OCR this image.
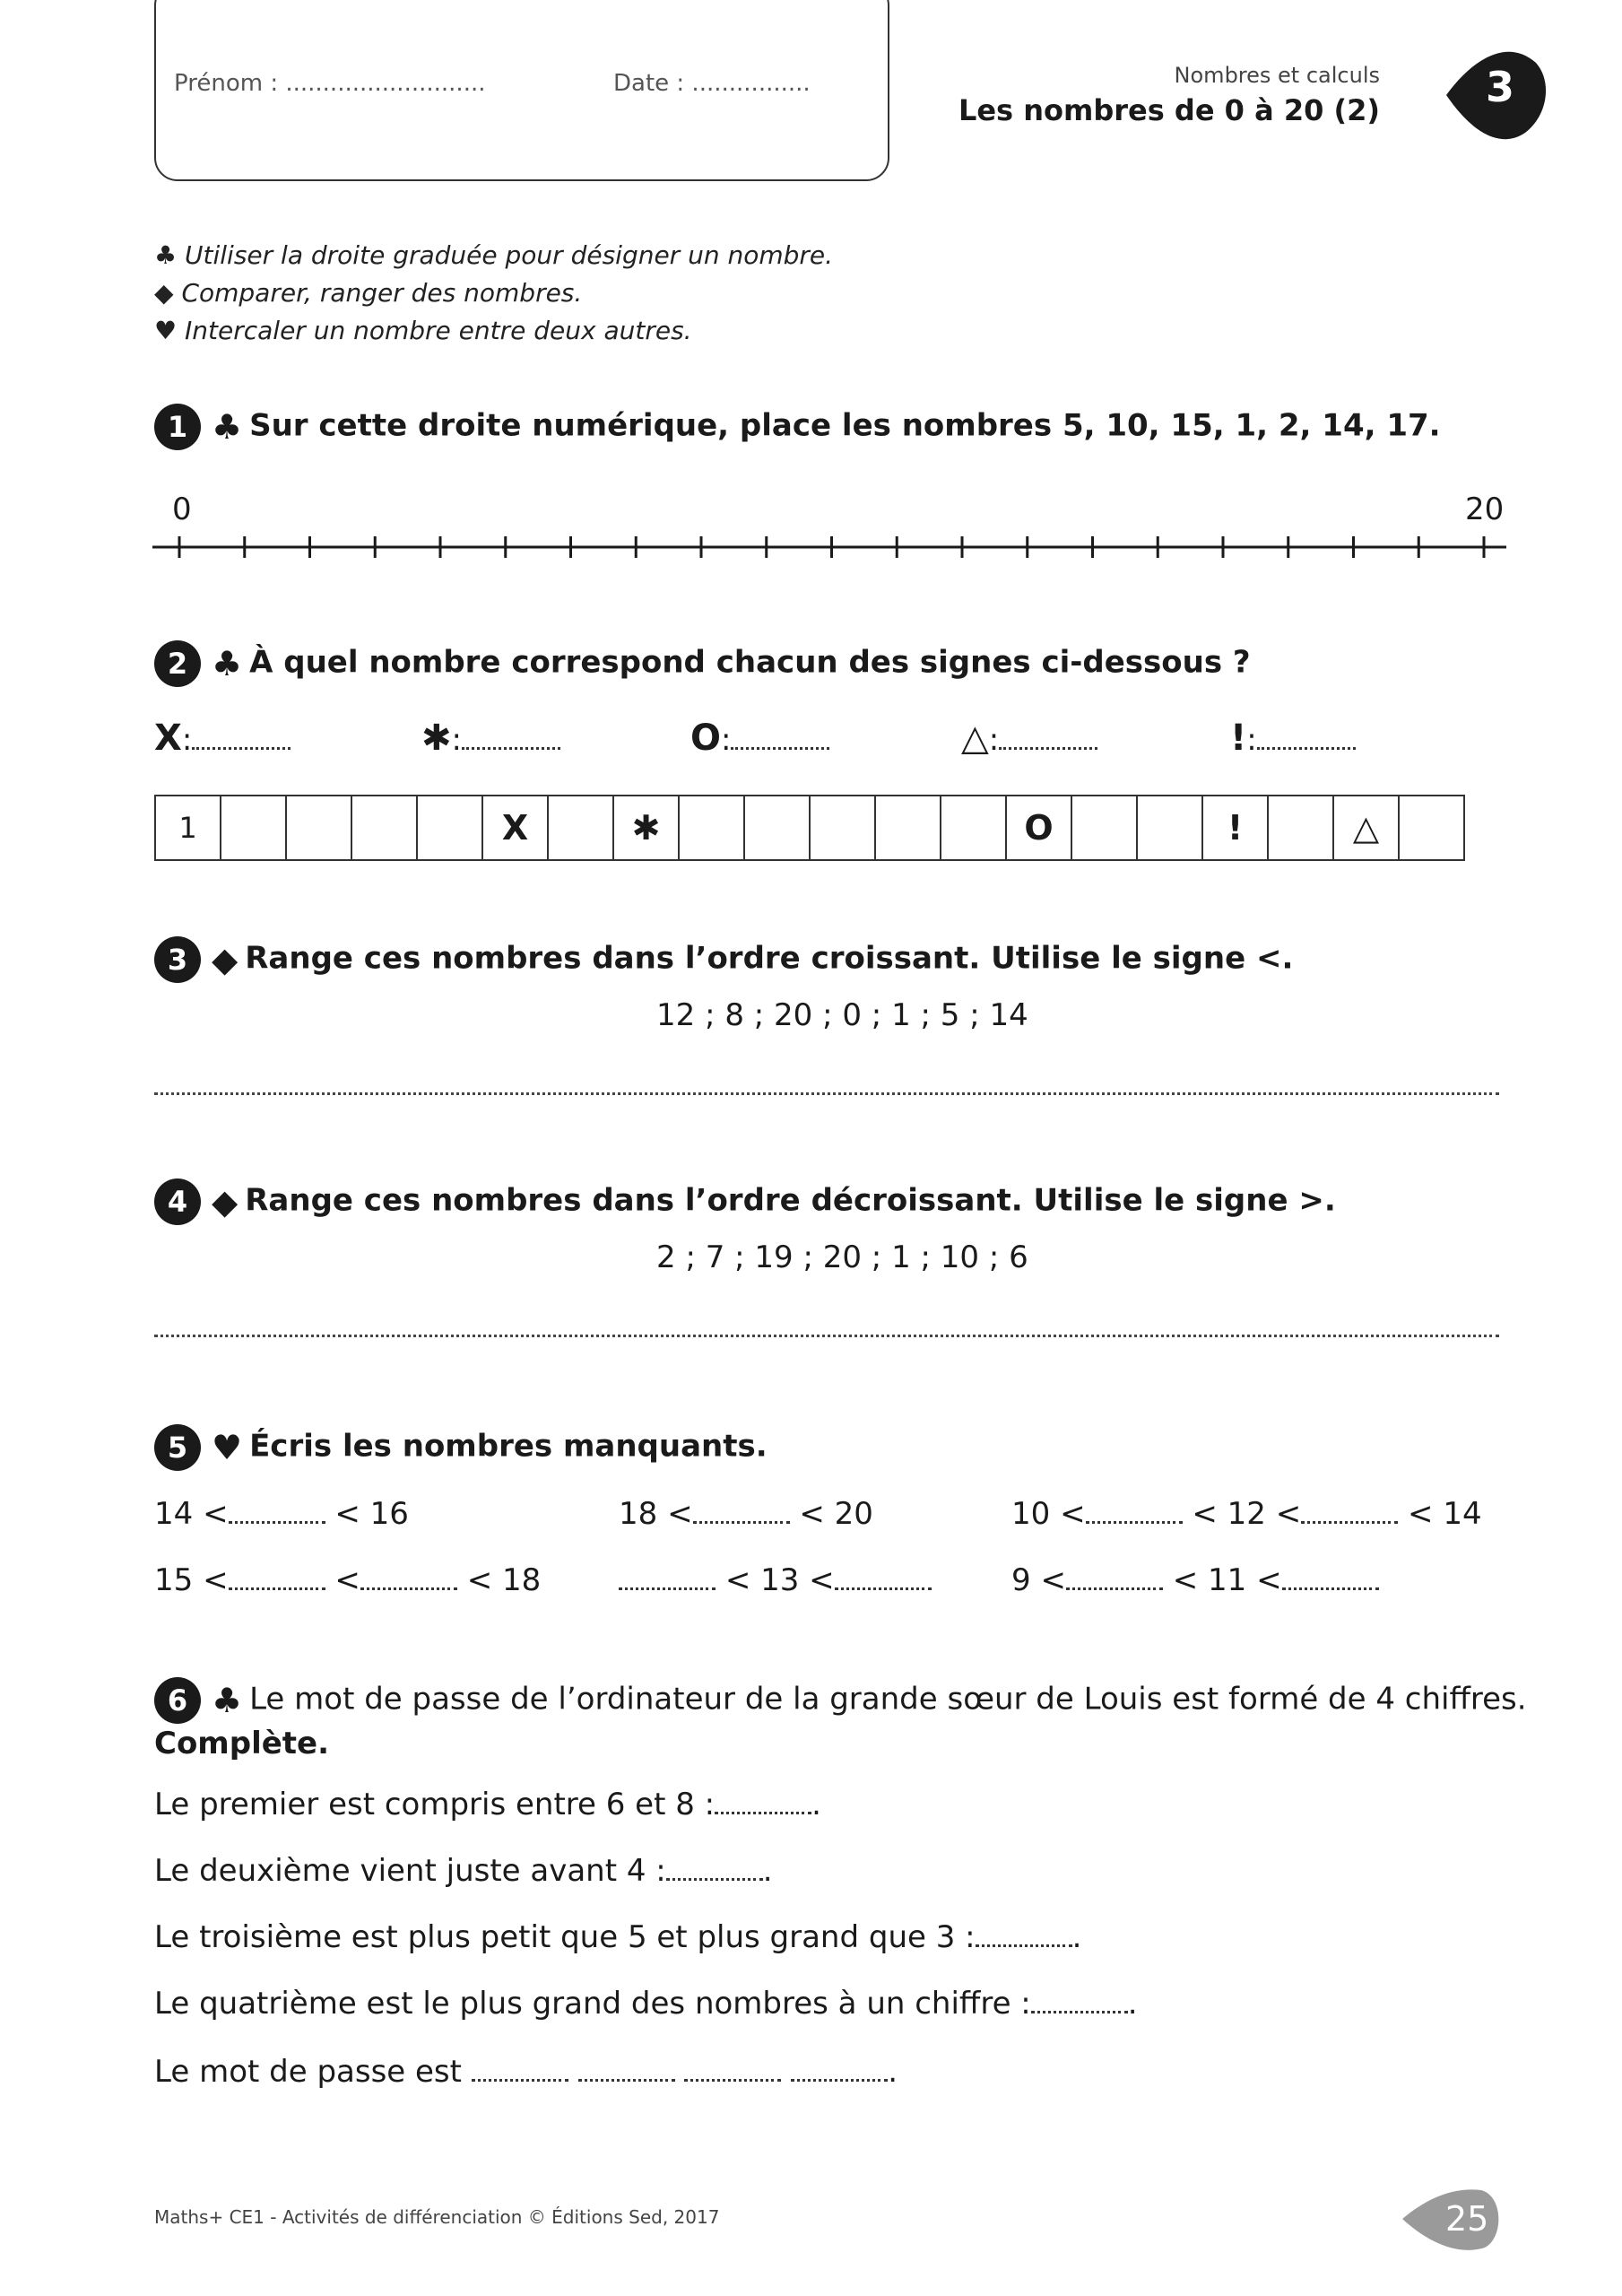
Prénom : ...........................	Date : ................	Nombres et calculs
Les nombres de 0 à 20 (2)	3
♣ Utiliser la droite graduée pour désigner un nombre.
◆ Comparer, ranger des nombres.
♥ Intercaler un nombre entre deux autres.
1 ♣ Sur cette droite numérique, place les nombres 5, 10, 15, 1, 2, 14, 17.
0	20
2 ♣ À quel nombre correspond chacun des signes ci-dessous ?
X:	✱:	O:	△:	!:
1	X	✱	O	!	△
3 ◆ Range ces nombres dans l’ordre croissant. Utilise le signe <.
12 ; 8 ; 20 ; 0 ; 1 ; 5 ; 14
4 ◆ Range ces nombres dans l’ordre décroissant. Utilise le signe >.
2 ; 7 ; 19 ; 20 ; 1 ; 10 ; 6
5 ♥ Écris les nombres manquants.
14 <	< 16	18 <	< 20	10 <	< 12 <	< 14
15 <	<	< 18	< 13 <	9 <	< 11 <
6 ♣ Le mot de passe de l’ordinateur de la grande sœur de Louis est formé de 4 chiffres.
Complète.
Le premier est compris entre 6 et 8 :	.
Le deuxième vient juste avant 4 :	.
Le troisième est plus petit que 5 et plus grand que 3 :	.
Le quatrième est le plus grand des nombres à un chiffre :	.
Le mot de passe est	.
Maths+ CE1 - Activités de différenciation © Éditions Sed, 2017	25
